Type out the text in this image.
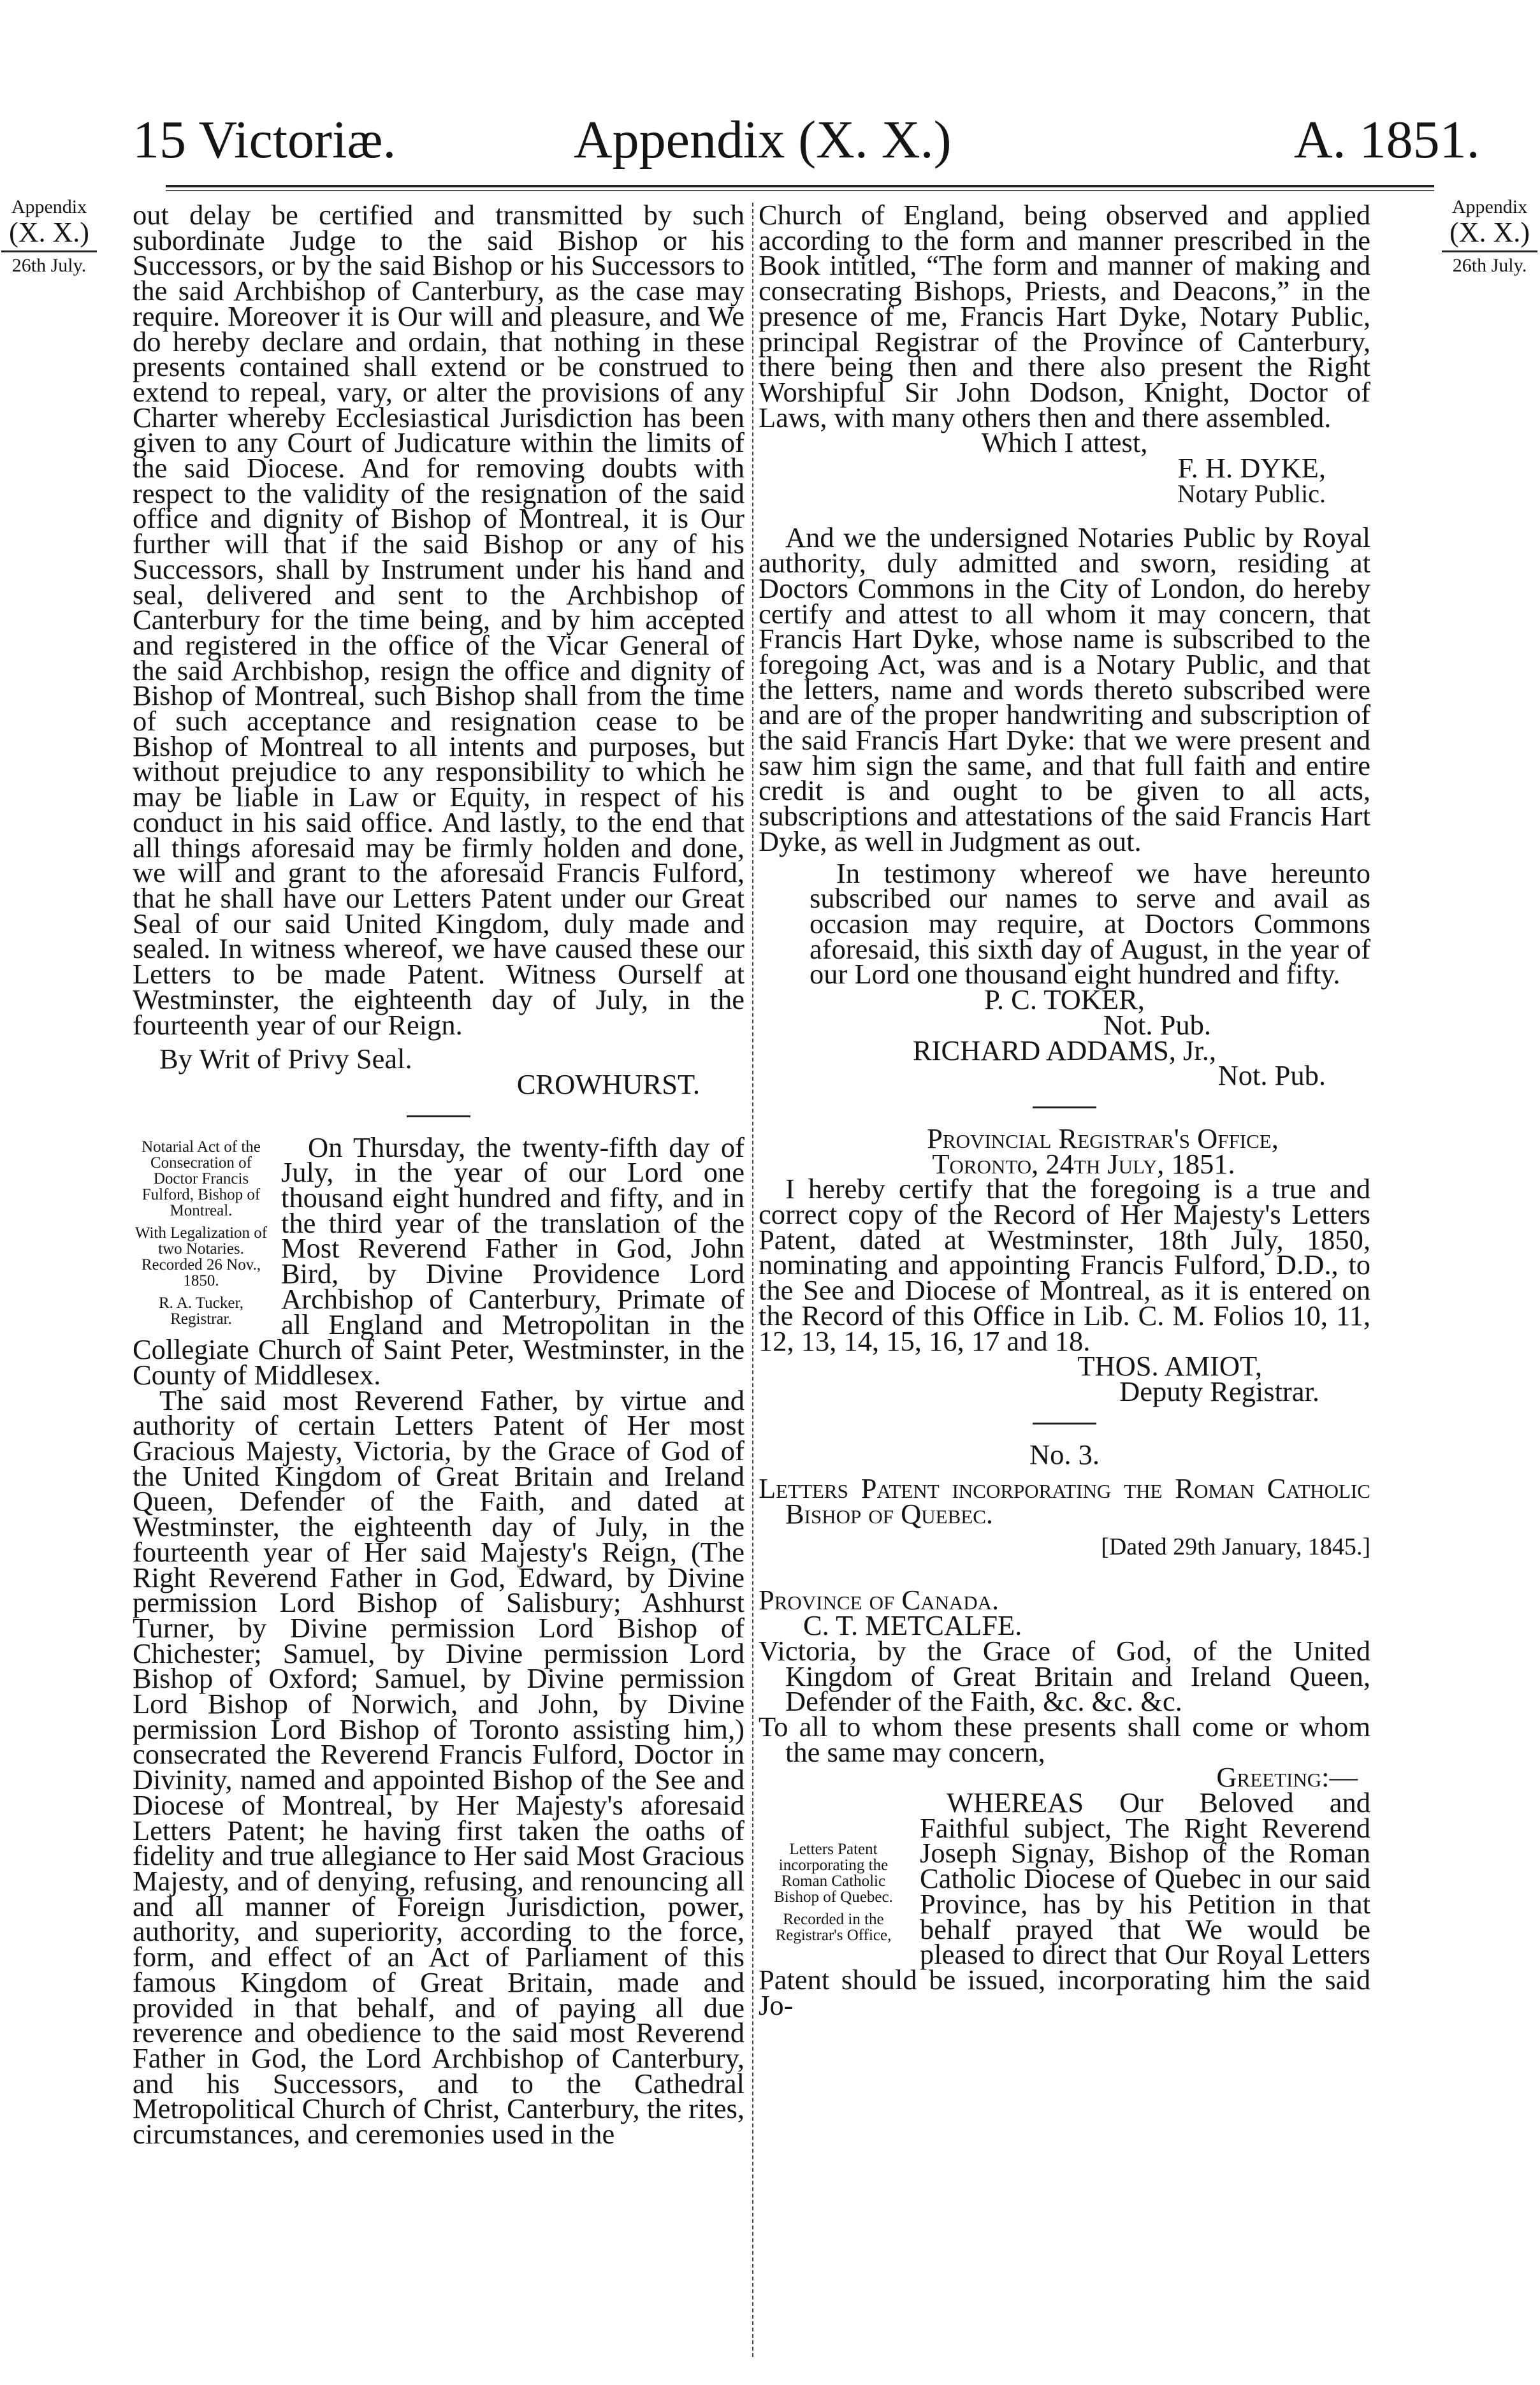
15 Victoriæ.	Appendix (X. X.)	A. 1851.
Appendix
(X. X.)
26th July.
Appendix
(X. X.)
26th July.

out delay be certified and transmitted by such subordinate Judge to the said Bishop or his Successors, or by the said Bishop or his Successors to the said Archbishop of Canterbury, as the case may require. Moreover it is Our will and pleasure, and We do hereby declare and ordain, that nothing in these presents contained shall extend or be construed to extend to repeal, vary, or alter the provisions of any Charter whereby Ecclesiastical Jurisdiction has been given to any Court of Judicature within the limits of the said Diocese. And for removing doubts with respect to the validity of the resignation of the said office and dignity of Bishop of Montreal, it is Our further will that if the said Bishop or any of his Successors, shall by Instrument under his hand and seal, delivered and sent to the Archbishop of Canterbury for the time being, and by him accepted and registered in the office of the Vicar General of the said Archbishop, resign the office and dignity of Bishop of Montreal, such Bishop shall from the time of such acceptance and resignation cease to be Bishop of Montreal to all intents and purposes, but without prejudice to any responsibility to which he may be liable in Law or Equity, in respect of his conduct in his said office. And lastly, to the end that all things aforesaid may be firmly holden and done, we will and grant to the aforesaid Francis Fulford, that he shall have our Letters Patent under our Great Seal of our said United Kingdom, duly made and sealed. In witness whereof, we have caused these our Letters to be made Patent. Witness Ourself at Westminster, the eighteenth day of July, in the fourteenth year of our Reign.

By Writ of Privy Seal.

CROWHURST.

Notarial Act of the Consecration of Doctor Francis Fulford, Bishop of Montreal.

With Legalization of two Notaries. Recorded 26 Nov., 1850.

R. A. Tucker, Registrar.

On Thursday, the twenty-fifth day of July, in the year of our Lord one thousand eight hundred and fifty, and in the third year of the translation of the Most Reverend Father in God, John Bird, by Divine Providence Lord Archbishop of Canterbury, Primate of all England and Metropolitan in the Collegiate Church of Saint Peter, Westminster, in the County of Middlesex.

The said most Reverend Father, by virtue and authority of certain Letters Patent of Her most Gracious Majesty, Victoria, by the Grace of God of the United Kingdom of Great Britain and Ireland Queen, Defender of the Faith, and dated at Westminster, the eighteenth day of July, in the fourteenth year of Her said Majesty's Reign, (The Right Reverend Father in God, Edward, by Divine permission Lord Bishop of Salisbury; Ashhurst Turner, by Divine permission Lord Bishop of Chichester; Samuel, by Divine permission Lord Bishop of Oxford; Samuel, by Divine permission Lord Bishop of Norwich, and John, by Divine permission Lord Bishop of Toronto assisting him,) consecrated the Reverend Francis Fulford, Doctor in Divinity, named and appointed Bishop of the See and Diocese of Montreal, by Her Majesty's aforesaid Letters Patent; he having first taken the oaths of fidelity and true allegiance to Her said Most Gracious Majesty, and of denying, refusing, and renouncing all and all manner of Foreign Jurisdiction, power, authority, and superiority, according to the force, form, and effect of an Act of Parliament of this famous Kingdom of Great Britain, made and provided in that behalf, and of paying all due reverence and obedience to the said most Reverend Father in God, the Lord Archbishop of Canterbury, and his Successors, and to the Cathedral Metropolitical Church of Christ, Canterbury, the rites, circumstances, and ceremonies used in the

Church of England, being observed and applied according to the form and manner prescribed in the Book intitled, “The form and manner of making and consecrating Bishops, Priests, and Deacons,” in the presence of me, Francis Hart Dyke, Notary Public, principal Registrar of the Province of Canterbury, there being then and there also present the Right Worshipful Sir John Dodson, Knight, Doctor of Laws, with many others then and there assembled.

Which I attest,

F. H. DYKE,

Notary Public.

And we the undersigned Notaries Public by Royal authority, duly admitted and sworn, residing at Doctors Commons in the City of London, do hereby certify and attest to all whom it may concern, that Francis Hart Dyke, whose name is subscribed to the foregoing Act, was and is a Notary Public, and that the letters, name and words thereto subscribed were and are of the proper handwriting and subscription of the said Francis Hart Dyke: that we were present and saw him sign the same, and that full faith and entire credit is and ought to be given to all acts, subscriptions and attestations of the said Francis Hart Dyke, as well in Judgment as out.

In testimony whereof we have hereunto subscribed our names to serve and avail as occasion may require, at Doctors Commons aforesaid, this sixth day of August, in the year of our Lord one thousand eight hundred and fifty.

P. C. TOKER,

Not. Pub.

RICHARD ADDAMS, Jr.,

Not. Pub.

Provincial Registrar's Office,

Toronto, 24th July, 1851.

I hereby certify that the foregoing is a true and correct copy of the Record of Her Majesty's Letters Patent, dated at Westminster, 18th July, 1850, nominating and appointing Francis Fulford, D.D., to the See and Diocese of Montreal, as it is entered on the Record of this Office in Lib. C. M. Folios 10, 11, 12, 13, 14, 15, 16, 17 and 18.

THOS. AMIOT,

Deputy Registrar.

No. 3.

Letters Patent incorporating the Roman Catholic Bishop of Quebec.

[Dated 29th January, 1845.]

Province of Canada.

C. T. METCALFE.

Victoria, by the Grace of God, of the United Kingdom of Great Britain and Ireland Queen, Defender of the Faith, &c. &c. &c.

To all to whom these presents shall come or whom the same may concern,

Greeting:—

Letters Patent incorporating the Roman Catholic Bishop of Quebec.

Recorded in the Registrar's Office,

WHEREAS Our Beloved and Faithful subject, The Right Reverend Joseph Signay, Bishop of the Roman Catholic Diocese of Quebec in our said Province, has by his Petition in that behalf prayed that We would be pleased to direct that Our Royal Letters Patent should be issued, incorporating him the said Jo-
